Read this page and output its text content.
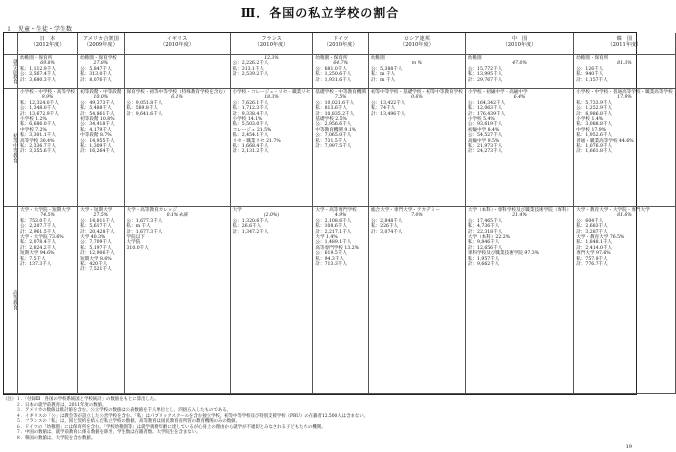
Ⅲ．各国の私立学校の割合
１　児童・生徒・学生数
日　本
（2012年度）
アメリカ合衆国
（2009年度）
イギリス
（2010年度）
フランス
（2010年度）
ドイツ
（2010年度）
ロシア連邦
（2010年度）
中　国
（2010年度）
韓　国
（2011年度）
就学前教育
幼稚園・保育所
69.8%
私：1,112.9千人
公：2,567.4千人
計：3,680.3千人
幼稚園・保育学校
27.8%
公：5,847千人
私：313.0千人
計：8,076千人
12.3%
公：2,226.2千人
私：313.1千人
計：2,539.2千人
幼稚園・保育所
64.7%
公：681.0千人
私：1,250.6千人
計：1,931.6千人
幼稚園
m %
公：5,388千人
私：m 千人
計：m 千人
幼稚園
47.0%
公：15,772千人
私：13,995千人
計：29,767千人
幼稚園・保育所
81.3%
公：126千人
私：940千人
計：1,157千人
初等中等教育
小学校・中学校・高等学校
9.9%
私：12,324.0千人
公：1,348.0千人
計：13,672.9千人
小学校 1.2%
私：6,686.0千人
中学校 7.2%
私：3,301.1千人
高等学校 30.4%
私：2,336.7千人
計：3,355.6千人
初等段階・中等段階
10.0%
公：49,373千人
私：5,488千人
計：54,861千人
初等段階 10.8%
公：34,418千人
私：4,179千人
中等段階 8.7%
公：14,955千人
私：1,309千人
計：16,264千人
保育学校・初等中等学校（特殊教育学校を含む）
6.1%
公：9,051.8千人
私：589.8千人
計：9,641.6千人
小学校・コレージュ・リセ・職業リセ
18.3%
公：7,626.1千人
私：1,712.3千人
計：9,338.4千人
小学校 14.1%
私：5,503.0千人
コレージュ 21.5%
私：2,454.1千人
リセ・職業リセ 21.7%
私：1,668.4千人
計：2,131.2千人
基礎学校・中等教育機関
7.5%
公：10,021.6千人
私：813.6千人
計：10,835.2千人
基礎学校 2.5%
公：2,956.6千人
中等教育機関 9.1%
公：7,065.0千人
私：731.5千人
計：7,997.5千人
初等中等学校・基礎学校・初等中等教育学校
0.6%
公：13,422千人
私：74千人
計：13,496千人
小学校・初級中学・高級中学
6.4%
公：164,342千人
私：12,063千人
計：176,439千人
小学校 5.4%
公：93,619千人
初級中学 8.4%
公：54,527千人
高級中学 9.5%
私：21,973千人
計：24,273千人
小学校・中学校・普通高等学校・職業高等学校
17.9%
私：5,733.9千人
公：1,252.9千人
計：6,986.8千人
小学校 1.4%
私：3,088.8千人
中学校 17.9%
私：1,952.6千人
普通・職業高等学校 44.6%
私：1,076.9千人
計：1,661.8千人
高等教育
大学・大学院・短期大学
74.5%
私：753.0千人
公：2,207.7千人
計：2,961.5千人
大学・大学院 73.6%
私：2,078.4千人
計：2,824.2千人
短期大学 94.6%
私：7.5千人
計：137.3千人
大学・短期大学
27.5%
公：14,811千人
私：5,617千人
計：20,428千人
大学 40.3%
公：7,709千人
私：5,197千人
計：12,906千人
短期大学 8.6%
私：420千人
計：7,521千人
大学・高等教育カレッジ
0.1%未満
公：1,677.3千人
私：m 千人
計：1,677.3千人
学院以下
大学院
310.0千人
大学
(2.0%)
公：1,320.6千人
私：26.6千人
計：1,347.2千人
大学・高等専門学校
4.9%
公：2,108.6千人
私：108.6千人
計：2,217.1千人
大学 1.4%
公：1,489.1千人
高等専門学校 13.2%
公：619.5千人
私：94.3千人
計：713.3千人
総合大学・専門大学・アカデミー
7.0%
公：2,848千人
私：226千人
計：3,074千人
大学（本科）・専科学校及び職業技術学院（専科）
21.4%
公：17,465千人
私：4,736千人
計：22,318千人
大学（本科）22.2%
私：9,846千人
計：12,656千人
専科学校及び職業技術学院 97.3%
私：1,957千人
計：9,662千人
大学・教育大学・大学院・専門大学
81.6%
公：604千人
私：2,683千人
計：3,287千人
大学・教育大学 76.5%
私：1,848.1千人
計：2,414.0千人
専門大学 97.6%
私：757.9千人
計：776.7千人
（注）１．「付録Ⅲ　各国の学校系統図と学校統計」の数値をもとに算出した。
　　　２．日本の就学前教育は，2011年度の数値。
　　　３．アメリカの数値は推計値を含む。公立学校の数値は公表数値を千人単位とし，四捨五入したものである。
　　　４．イギリスの「公」は教会等が設立した公営学校を含む。「私」はパブリックスクールを含む独立学校。初等中等学校及び特別支援学校（PRU）の在籍者12,500人は含まない。
　　　５．フランスの「私」は，国と契約を結んだ私立学校の数値。高等教育は国民教育省所管の教育機関のみの数値。
　　　６．ドイツの「幼稚園」には保育所を含む。「学校幼稚園等」は就学義務年齢に達しているが心身上の理由から就学が不適切とみなされる子どもたちの機関。
　　　７．中国の数値は，就学前教育に係る数値を除き，学生数は在籍者数。大学院生を含まない。
　　　８．韓国の数値は，大学院を含む数値。
19
